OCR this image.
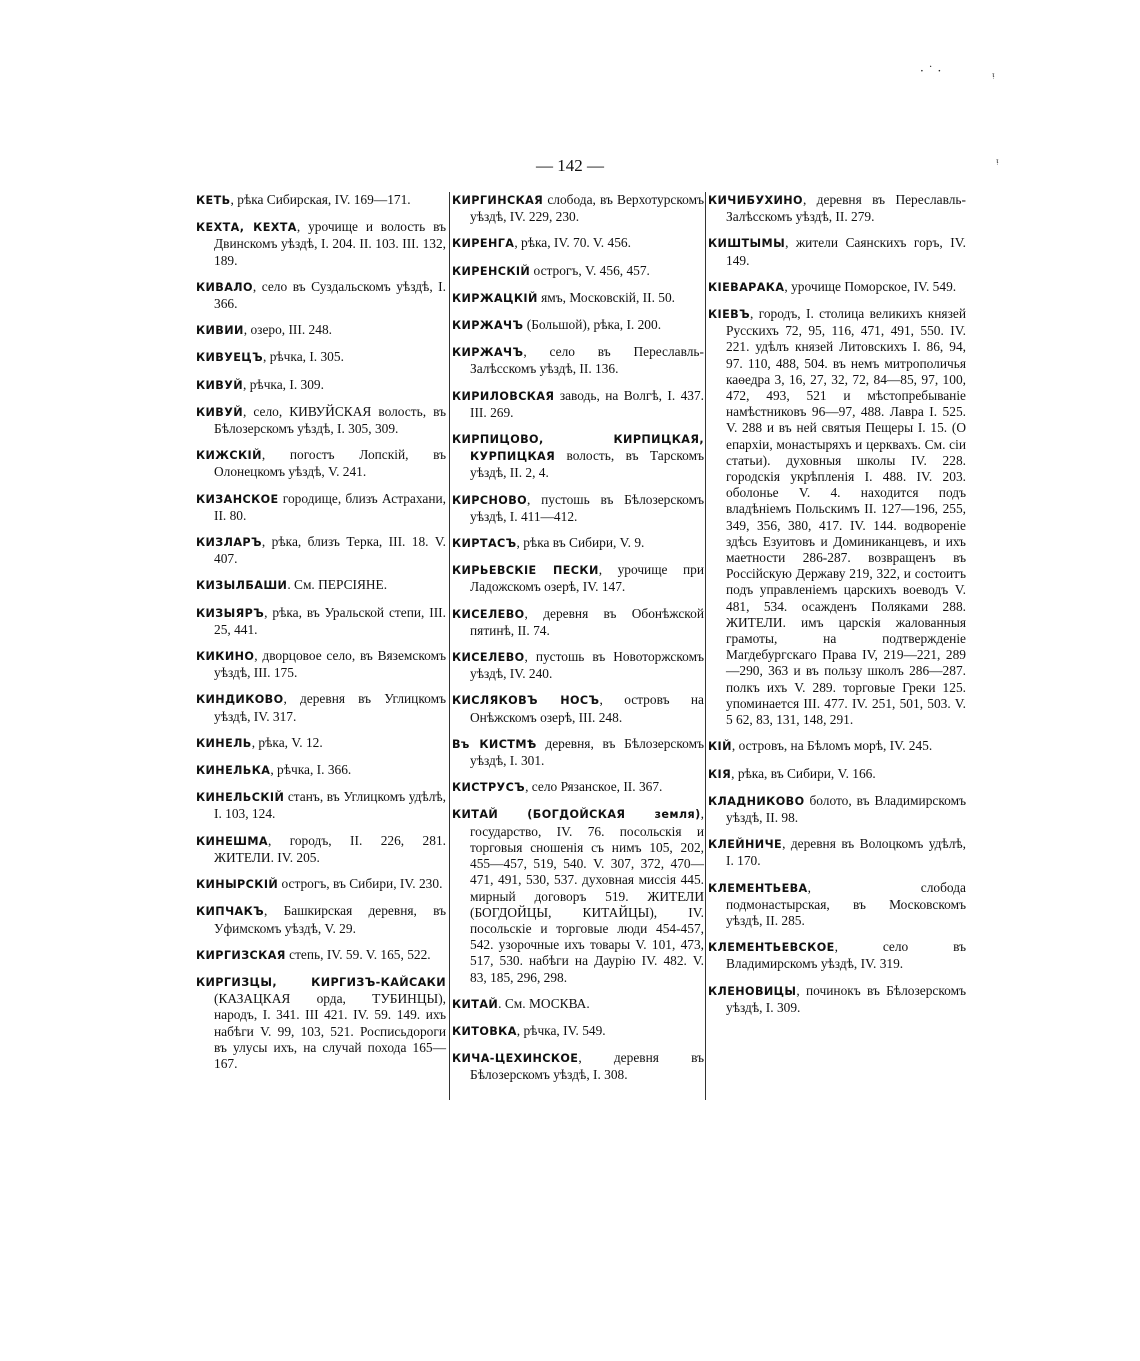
— 142 —
КЕТЬ, рѣка Сибирская, IV. 169—171.
КЕХТА, КЕХТА, урочище и волость въ Двинскомъ уѣздѣ, I. 204. II. 103. III. 132, 189.
КИВАЛО, село въ Суздальскомъ уѣздѣ, I. 366.
КИВИИ, озеро, III. 248.
КИВУЕЦЪ, рѣчка, I. 305.
КИВУЙ, рѣчка, I. 309.
КИВУЙ, село, КИВУЙСКАЯ волость, въ Бѣлозерскомъ уѣздѣ, I. 305, 309.
КИЖСКІЙ, погостъ Лопскій, въ Олонецкомъ уѣздѣ, V. 241.
КИЗАНСКОЕ городище, близъ Астрахани, II. 80.
КИЗЛАРЪ, рѣка, близъ Терка, III. 18. V. 407.
КИЗЫЛБАШИ. См. ПЕРСІЯНЕ.
КИЗЫЯРЪ, рѣка, въ Уральской степи, III. 25, 441.
КИКИНО, дворцовое село, въ Вяземскомъ уѣздѣ, III. 175.
КИНДИКОВО, деревня въ Углицкомъ уѣздѣ, IV. 317.
КИНЕЛЬ, рѣка, V. 12.
КИНЕЛЬКА, рѣчка, I. 366.
КИНЕЛЬСКІЙ станъ, въ Углицкомъ удѣлѣ, I. 103, 124.
КИНЕШМА, городъ, II. 226, 281. ЖИТЕЛИ. IV. 205.
КИНЫРСКІЙ острогъ, въ Сибири, IV. 230.
КИПЧАКЪ, Башкирская деревня, въ Уфимскомъ уѣздѣ, V. 29.
КИРГИЗСКАЯ степь, IV. 59. V. 165, 522.
КИРГИЗЦЫ, КИРГИЗЪ-КАЙСАКИ (КАЗАЦКАЯ орда, ТУБИНЦЫ), народъ, I. 341. III 421. IV. 59. 149. ихъ набѣги V. 99, 103, 521. Росписьдороги въ улусы ихъ, на случай похода 165—167.
КИРГИНСКАЯ слобода, въ Верхотурскомъ уѣздѣ, IV. 229, 230.
КИРЕНГА, рѣка, IV. 70. V. 456.
КИРЕНСКІЙ острогъ, V. 456, 457.
КИРЖАЦКІЙ ямъ, Московскій, II. 50.
КИРЖАЧЪ (Большой), рѣка, I. 200.
КИРЖАЧЪ, село въ Переславль-Залѣсскомъ уѣздѣ, II. 136.
КИРИЛОВСКАЯ заводь, на Волгѣ, I. 437. III. 269.
КИРПИЦОВО, КИРПИЦКАЯ, КУРПИЦКАЯ волость, въ Тарскомъ уѣздѣ, II. 2, 4.
КИРСНОВО, пустошь въ Бѣлозерскомъ уѣздѣ, I. 411—412.
КИРТАСЪ, рѣка въ Сибири, V. 9.
КИРЬЕВСКІЕ ПЕСКИ, урочище при Ладожскомъ озерѣ, IV. 147.
КИСЕЛЕВО, деревня въ Обонѣжской пятинѣ, II. 74.
КИСЕЛЕВО, пустошь въ Новоторжскомъ уѣздѣ, IV. 240.
КИСЛЯКОВЪ НОСЪ, островъ на Онѣжскомъ озерѣ, III. 248.
Въ КИСТМѢ деревня, въ Бѣлозерскомъ уѣздѣ, I. 301.
КИСТРУСЪ, село Рязанское, II. 367.
КИТАЙ (БОГДОЙСКАЯ земля), государство, IV. 76. посольскія и торговыя сношенія съ нимъ 105, 202, 455—457, 519, 540. V. 307, 372, 470—471, 491, 530, 537. духовная миссія 445. мирный договоръ 519. ЖИТЕЛИ (БОГДОЙЦЫ, КИТАЙЦЫ), IV. посольскіе и торговые люди 454-457, 542. узорочные ихъ товары V. 101, 473, 517, 530. набѣги на Даурію IV. 482. V. 83, 185, 296, 298.
КИТАЙ. См. МОСКВА.
КИТОВКА, рѣчка, IV. 549.
КИЧА-ЦЕХИНСКОЕ, деревня въ Бѣлозерскомъ уѣздѣ, I. 308.
КИЧИБУХИНО, деревня въ Переславль-Залѣсскомъ уѣздѣ, II. 279.
КИШТЫМЫ, жители Саянскихъ горъ, IV. 149.
КІЕВАРАКА, урочище Поморское, IV. 549.
КІЕВЪ, городъ, I. столица великихъ князей Русскихъ 72, 95, 116, 471, 491, 550. IV. 221. удѣлъ князей Литовскихъ I. 86, 94, 97. 110, 488, 504. въ немъ митрополичья каѳедра 3, 16, 27, 32, 72, 84—85, 97, 100, 472, 493, 521 и мѣстопребываніе намѣстниковъ 96—97, 488. Лавра I. 525. V. 288 и въ ней святыя Пещеры I. 15. (О епархіи, монастыряхъ и церквахъ. См. сіи статьи). духовныя школы IV. 228. городскія укрѣпленія I. 488. IV. 203. оболонье V. 4. находится подъ владѣніемъ Польскимъ II. 127—196, 255, 349, 356, 380, 417. IV. 144. водвореніе здѣсь Езуитовъ и Доминиканцевъ, и ихъ маетности 286-287. возвращенъ въ Россійскую Державу 219, 322, и состоитъ подъ управленіемъ царскихъ воеводъ V. 481, 534. осажденъ Поляками 288. ЖИТЕЛИ. имъ царскія жалованныя грамоты, на подтвержденіе Магдебургскаго Права IV, 219—221, 289—290, 363 и въ пользу школъ 286—287. полкъ ихъ V. 289. торговые Греки 125. упоминается III. 477. IV. 251, 501, 503. V. 5 62, 83, 131, 148, 291.
КІЙ, островъ, на Бѣломъ морѣ, IV. 245.
КІЯ, рѣка, въ Сибири, V. 166.
КЛАДНИКОВО болото, въ Владимирскомъ уѣздѣ, II. 98.
КЛЕЙНИЧЕ, деревня въ Волоцкомъ удѣлѣ, I. 170.
КЛЕМЕНТЬЕВА, слобода подмонастырская, въ Московскомъ уѣздѣ, II. 285.
КЛЕМЕНТЬЕВСКОЕ, село въ Владимирскомъ уѣздѣ, IV. 319.
КЛЕНОВИЦЫ, починокъ въ Бѣлозерскомъ уѣздѣ, I. 309.
· ˙ ·	ᵎ
ᵎ
